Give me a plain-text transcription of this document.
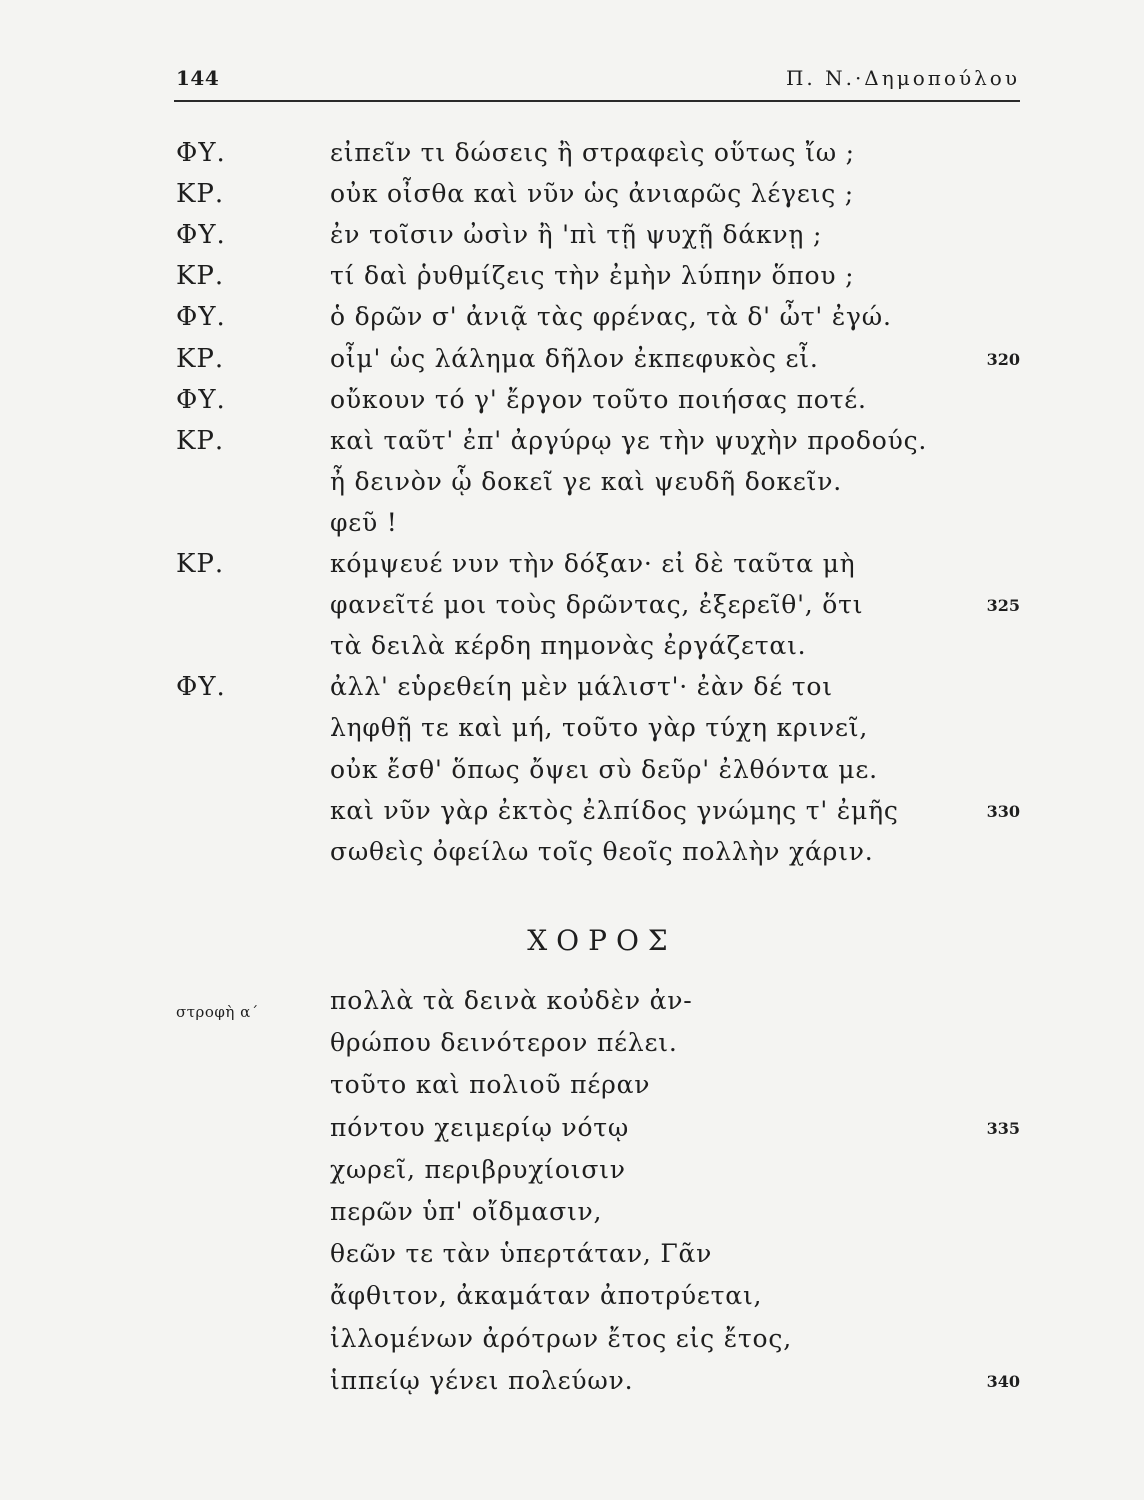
144	Π. Ν.·Δημοπούλου
ΦΥ.	εἰπεῖν τι δώσεις ἢ στραφεὶς οὕτως ἴω ;
ΚΡ.	οὐκ οἶσθα καὶ νῦν ὡς ἀνιαρῶς λέγεις ;
ΦΥ.	ἐν τοῖσιν ὠσὶν ἢ 'πὶ τῇ ψυχῇ δάκνῃ ;
ΚΡ.	τί δαὶ ῥυθμίζεις τὴν ἐμὴν λύπην ὅπου ;
ΦΥ.	ὁ δρῶν σ' ἀνιᾷ τὰς φρένας, τὰ δ' ὦτ' ἐγώ.
ΚΡ.	οἶμ' ὡς λάλημα δῆλον ἐκπεφυκὸς εἶ.	320
ΦΥ.	οὔκουν τό γ' ἔργον τοῦτο ποιήσας ποτέ.
ΚΡ.	καὶ ταῦτ' ἐπ' ἀργύρῳ γε τὴν ψυχὴν προδούς.
ἦ δεινὸν ᾧ δοκεῖ γε καὶ ψευδῆ δοκεῖν.
φεῦ !
ΚΡ.	κόμψευέ νυν τὴν δόξαν· εἰ δὲ ταῦτα μὴ
φανεῖτέ μοι τοὺς δρῶντας, ἐξερεῖθ', ὅτι	325
τὰ δειλὰ κέρδη πημονὰς ἐργάζεται.
ΦΥ.	ἀλλ' εὑρεθείη μὲν μάλιστ'· ἐὰν δέ τοι
ληφθῇ τε καὶ μή, τοῦτο γὰρ τύχη κρινεῖ,
οὐκ ἔσθ' ὅπως ὄψει σὺ δεῦρ' ἐλθόντα με.
καὶ νῦν γὰρ ἐκτὸς ἐλπίδος γνώμης τ' ἐμῆς	330
σωθεὶς ὀφείλω τοῖς θεοῖς πολλὴν χάριν.
ΧΟΡΟΣ
στροφὴ α΄	πολλὰ τὰ δεινὰ κοὐδὲν ἀν-
θρώπου δεινότερον πέλει.
τοῦτο καὶ πολιοῦ πέραν
πόντου χειμερίῳ νότῳ	335
χωρεῖ, περιβρυχίοισιν
περῶν ὑπ' οἴδμασιν,
θεῶν τε τὰν ὑπερτάταν, Γᾶν
ἄφθιτον, ἀκαμάταν ἀποτρύεται,
ἰλλομένων ἀρότρων ἔτος εἰς ἔτος,
ἱππείῳ γένει πολεύων.	340
